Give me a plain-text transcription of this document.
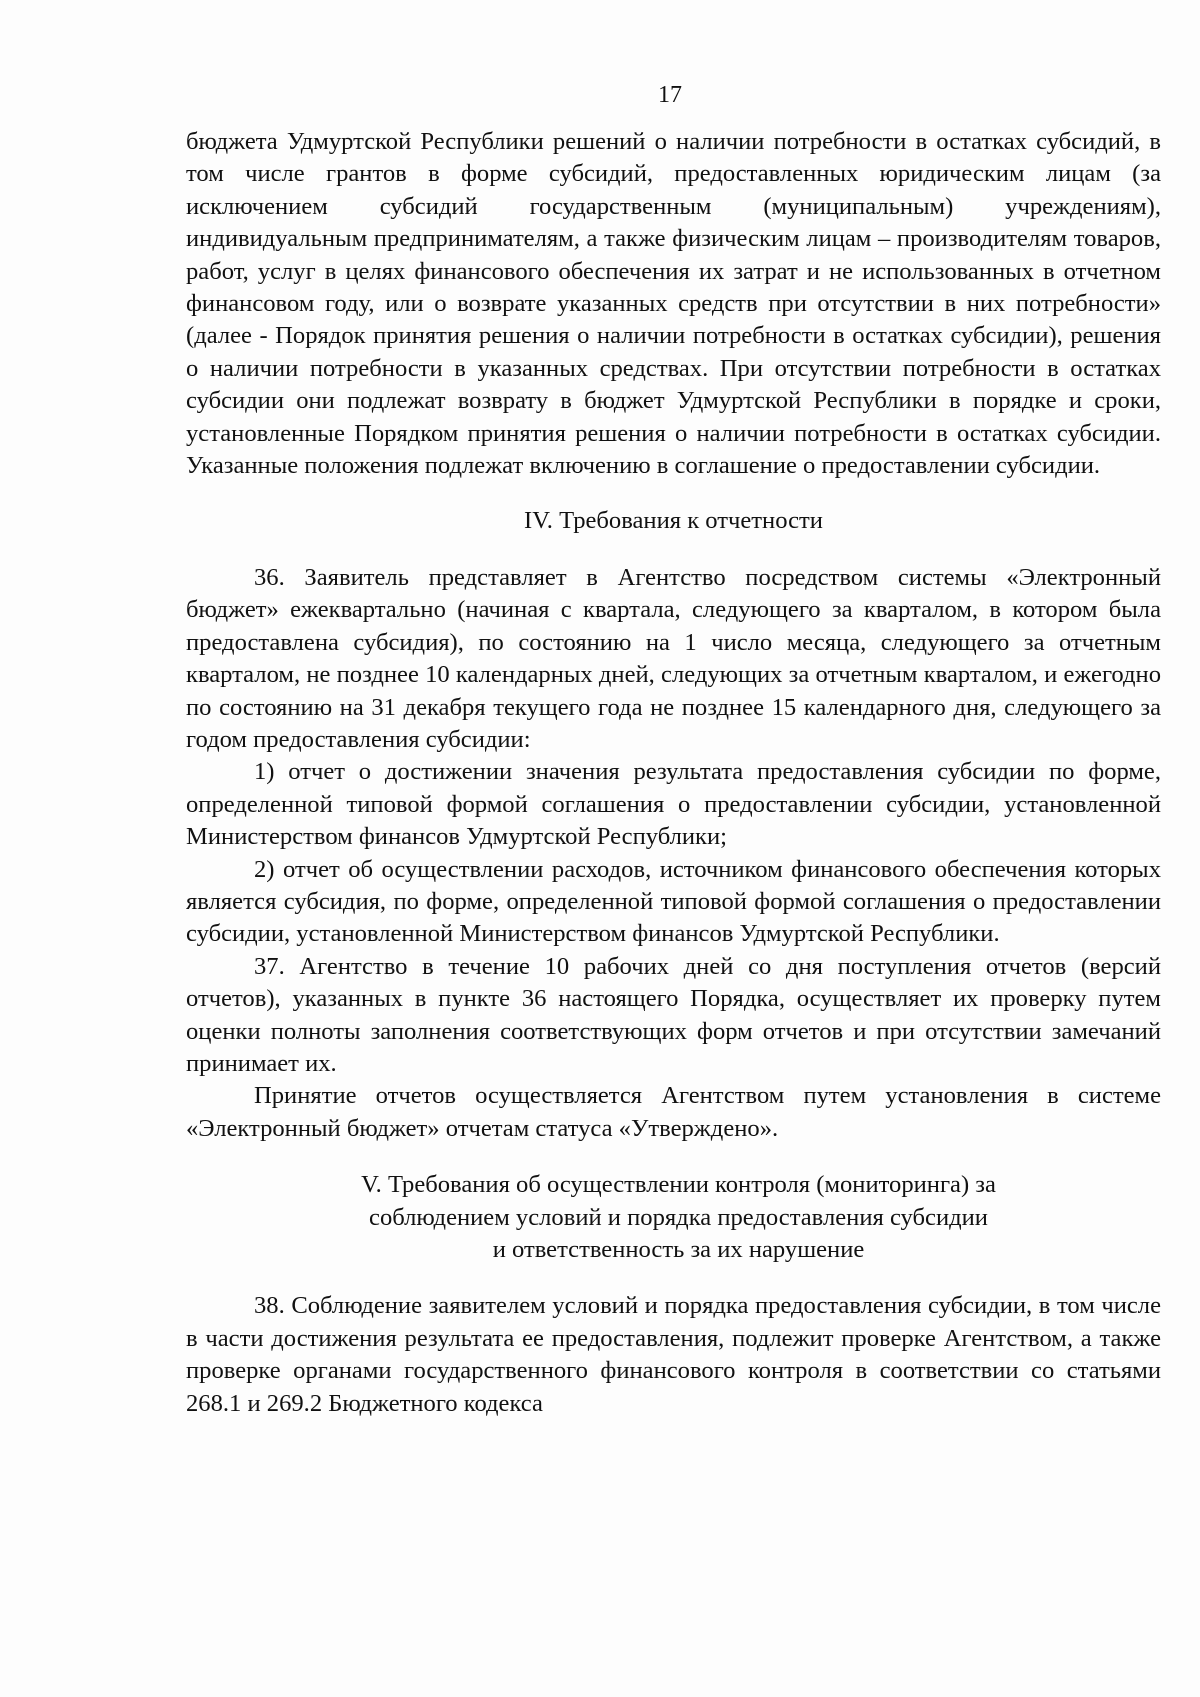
17

бюджета Удмуртской Республики решений о наличии потребности в остатках субсидий, в том числе грантов в форме субсидий, предоставленных юридическим лицам (за исключением субсидий государственным (муниципальным) учреждениям), индивидуальным предпринимателям, а также физическим лицам – производителям товаров, работ, услуг в целях финансового обеспечения их затрат и не использованных в отчетном финансовом году, или о возврате указанных средств при отсутствии в них потребности» (далее - Порядок принятия решения о наличии потребности в остатках субсидии), решения о наличии потребности в указанных средствах. При отсутствии потребности в остатках субсидии они подлежат возврату в бюджет Удмуртской Республики в порядке и сроки, установленные Порядком принятия решения о наличии потребности в остатках субсидии. Указанные положения подлежат включению в соглашение о предоставлении субсидии.

IV. Требования к отчетности

36. Заявитель представляет в Агентство посредством системы «Электронный бюджет» ежеквартально (начиная с квартала, следующего за кварталом, в котором была предоставлена субсидия), по состоянию на 1 число месяца, следующего за отчетным кварталом, не позднее 10 календарных дней, следующих за отчетным кварталом, и ежегодно по состоянию на 31 декабря текущего года не позднее 15 календарного дня, следующего за годом предоставления субсидии:

1) отчет о достижении значения результата предоставления субсидии по форме, определенной типовой формой соглашения о предоставлении субсидии, установленной Министерством финансов Удмуртской Республики;

2) отчет об осуществлении расходов, источником финансового обеспечения которых является субсидия, по форме, определенной типовой формой соглашения о предоставлении субсидии, установленной Министерством финансов Удмуртской Республики.

37. Агентство в течение 10 рабочих дней со дня поступления отчетов (версий отчетов), указанных в пункте 36 настоящего Порядка, осуществляет их проверку путем оценки полноты заполнения соответствующих форм отчетов и при отсутствии замечаний принимает их.

Принятие отчетов осуществляется Агентством путем установления в системе «Электронный бюджет» отчетам статуса «Утверждено».

V. Требования об осуществлении контроля (мониторинга) за

соблюдением условий и порядка предоставления субсидии

и ответственность за их нарушение

38. Соблюдение заявителем условий и порядка предоставления субсидии, в том числе в части достижения результата ее предоставления, подлежит проверке Агентством, а также проверке органами государственного финансового контроля в соответствии со статьями 268.1 и 269.2 Бюджетного кодекса
